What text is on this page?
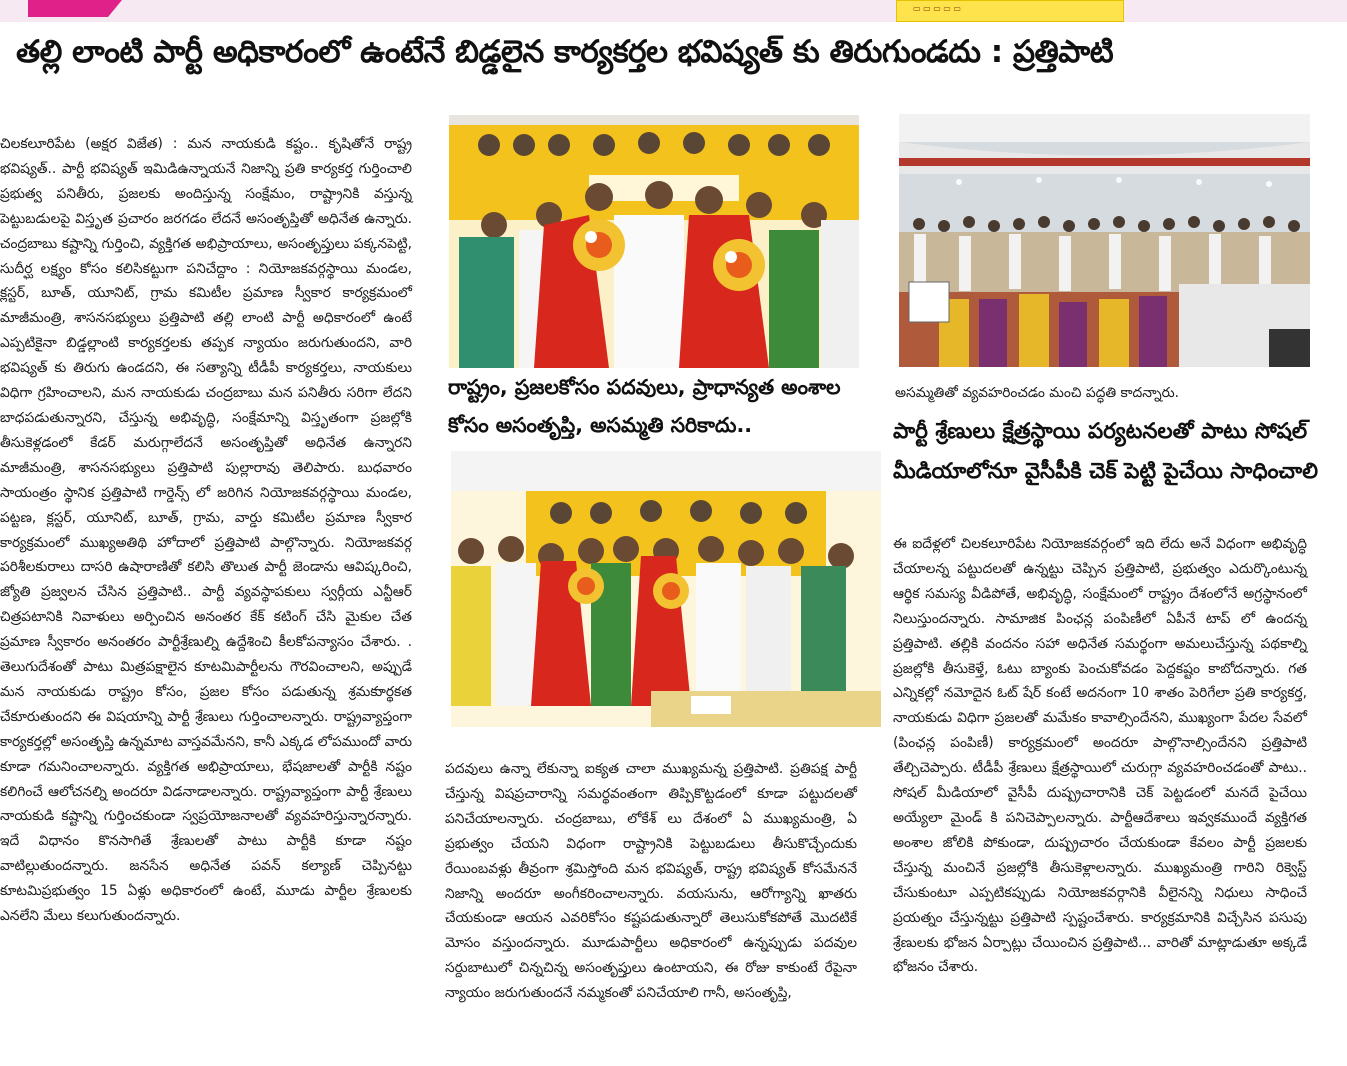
▭ ▭ ▭ ▭ ▭
తల్లి లాంటి పార్టీ అధికారంలో ఉంటేనే బిడ్డలైన కార్యకర్తల భవిష్యత్ కు తిరుగుండదు : ప్రత్తిపాటి

చిలకలూరిపేట (అక్షర విజేత) : మన నాయకుడి కష్టం.. కృషితోనే రాష్ట్ర భవిష్యత్.. పార్టీ భవిష్యత్ ఇమిడిఉన్నాయనే నిజాన్ని ప్రతి కార్యకర్త గుర్తించాలి ప్రభుత్వ పనితీరు, ప్రజలకు అందిస్తున్న సంక్షేమం, రాష్ట్రానికి వస్తున్న పెట్టుబడులపై విస్తృత ప్రచారం జరగడం లేదనే అసంతృప్తితో అధినేత ఉన్నారు. చంద్రబాబు కష్టాన్ని గుర్తించి, వ్యక్తిగత అభిప్రాయాలు, అసంతృప్తులు పక్కనపెట్టి, సుదీర్ఘ లక్ష్యం కోసం కలిసికట్టుగా పనిచేద్దాం : నియోజకవర్గస్థాయి మండల, క్లస్టర్, బూత్, యూనిట్, గ్రామ కమిటీల ప్రమాణ స్వీకార కార్యక్రమంలో మాజీమంత్రి, శాసనసభ్యులు ప్రత్తిపాటి తల్లి లాంటి పార్టీ అధికారంలో ఉంటే ఎప్పటికైనా బిడ్డల్లాంటి కార్యకర్తలకు తప్పక న్యాయం జరుగుతుందని, వారి భవిష్యత్ కు తిరుగు ఉండదని, ఈ సత్యాన్ని టీడీపీ కార్యకర్తలు, నాయకులు విధిగా గ్రహించాలని, మన నాయకుడు చంద్రబాబు మన పనితీరు సరిగా లేదని బాధపడుతున్నారని, చేస్తున్న అభివృద్ధి, సంక్షేమాన్ని విస్తృతంగా ప్రజల్లోకి తీసుకెళ్లడంలో కేడర్ మరుగ్గాలేదనే అసంతృప్తితో అధినేత ఉన్నారని మాజీమంత్రి, శాసనసభ్యులు ప్రత్తిపాటి పుల్లారావు తెలిపారు. బుధవారం సాయంత్రం స్థానిక ప్రత్తిపాటి గార్డెన్స్ లో జరిగిన నియోజకవర్గస్థాయి మండల, పట్టణ, క్లస్టర్, యూనిట్, బూత్, గ్రామ, వార్డు కమిటీల ప్రమాణ స్వీకార కార్యక్రమంలో ముఖ్యఅతిథి హోదాలో ప్రత్తిపాటి పాల్గొన్నారు. నియోజకవర్గ పరిశీలకురాలు దాసరి ఉషారాణితో కలిసి తొలుత పార్టీ జెండాను ఆవిష్కరించి, జ్యోతి ప్రజ్వలన చేసిన ప్రత్తిపాటి.. పార్టీ వ్యవస్థాపకులు స్వర్గీయ ఎన్టీఆర్ చిత్రపటానికి నివాళులు అర్పించిన అనంతర కేక్ కటింగ్ చేసి మైకుల చేత ప్రమాణ స్వీకారం అనంతరం పార్టీశ్రేణుల్ని ఉద్దేశించి కీలకోపన్యాసం చేశారు. . తెలుగుదేశంతో పాటు మిత్రపక్షాలైన కూటమిపార్టీలను గౌరవించాలని, అప్పుడే మన నాయకుడు రాష్ట్రం కోసం, ప్రజల కోసం పడుతున్న శ్రమకుార్థకత చేకూరుతుందని ఈ విషయాన్ని పార్టీ శ్రేణులు గుర్తించాలన్నారు. రాష్ట్రవ్యాప్తంగా కార్యకర్తల్లో అసంతృప్తి ఉన్నమాట వాస్తవమేనని, కానీ ఎక్కడ లోపముందో వారు కూడా గమనించాలన్నారు. వ్యక్తిగత అభిప్రాయాలు, భేషజాలతో పార్టీకి నష్టం కలిగించే ఆలోచనల్ని అందరూ విడనాడాలన్నారు. రాష్ట్రవ్యాప్తంగా పార్టీ శ్రేణులు నాయకుడి కష్టాన్ని గుర్తించకుండా స్వప్రయోజనాలతో వ్యవహరిస్తున్నారన్నారు. ఇదే విధానం కొనసాగితే శ్రేణులతో పాటు పార్టీకి కూడా నష్టం వాటిల్లుతుందన్నారు. జనసేన అధినేత పవన్ కల్యాణ్ చెప్పినట్టు కూటమిప్రభుత్వం 15 ఏళ్లు అధికారంలో ఉంటే, మూడు పార్టీల శ్రేణులకు ఎనలేని మేలు కలుగుతుందన్నారు.

రాష్ట్రం, ప్రజలకోసం పదవులు, ప్రాధాన్యత అంశాల కోసం అసంతృప్తి, అసమ్మతి సరికాదు..

పదవులు ఉన్నా లేకున్నా ఐక్యత చాలా ముఖ్యమన్న ప్రత్తిపాటి. ప్రతిపక్ష పార్టీ చేస్తున్న విషప్రచారాన్ని సమర్థవంతంగా తిప్పికొట్టడంలో కూడా పట్టుదలతో పనిచేయాలన్నారు. చంద్రబాబు, లోకేశ్ లు దేశంలో ఏ ముఖ్యమంత్రి, ఏ ప్రభుత్వం చేయని విధంగా రాష్ట్రానికి పెట్టుబడులు తీసుకొచ్చేందుకు రేయింబవళ్లు తీవ్రంగా శ్రమిస్తోంది మన భవిష్యత్, రాష్ట్ర భవిష్యత్ కోసమేననే నిజాన్ని అందరూ అంగీకరించాలన్నారు. వయసును, ఆరోగ్యాన్ని ఖాతరు చేయకుండా ఆయన ఎవరికోసం కష్టపడుతున్నారో తెలుసుకోకపోతే మొదటికే మోసం వస్తుందన్నారు. మూడుపార్టీలు అధికారంలో ఉన్నప్పుడు పదవుల సర్దుబాటులో చిన్నచిన్న అసంతృప్తులు ఉంటాయని, ఈ రోజు కాకుంటే రేపైనా న్యాయం జరుగుతుందనే నమ్మకంతో పనిచేయాలి గానీ, అసంతృప్తి,

అసమ్మతితో వ్యవహరించడం మంచి పద్ధతి కాదన్నారు.

పార్టీ శ్రేణులు క్షేత్రస్థాయి పర్యటనలతో పాటు సోషల్ మీడియాలోనూ వైసీపీకి చెక్ పెట్టి పైచేయి సాధించాలి

ఈ ఐదేళ్లలో చిలకలూరిపేట నియోజకవర్గంలో ఇది లేదు అనే విధంగా అభివృద్ధి చేయాలన్న పట్టుదలతో ఉన్నట్టు చెప్పిన ప్రత్తిపాటి, ప్రభుత్వం ఎదుర్కొంటున్న ఆర్థిక సమస్య వీడిపోతే, అభివృద్ధి, సంక్షేమంలో రాష్ట్రం దేశంలోనే అగ్రస్థానంలో నిలుస్తుందన్నారు. సామాజిక పింఛన్ల పంపిణీలో ఏపీనే టాప్ లో ఉందన్న ప్రత్తిపాటి. తల్లికి వందనం సహా అధినేత సమర్థంగా అమలుచేస్తున్న పథకాల్ని ప్రజల్లోకి తీసుకెళ్తే, ఓటు బ్యాంకు పెంచుకోవడం పెద్దకష్టం కాబోదన్నారు. గత ఎన్నికల్లో నమోదైన ఓట్ షేర్ కంటే అదనంగా 10 శాతం పెరిగేలా ప్రతి కార్యకర్త, నాయకుడు విధిగా ప్రజలతో మమేకం కావాల్సిందేనని, ముఖ్యంగా పేదల సేవలో (పింఛన్ల పంపిణీ) కార్యక్రమంలో అందరూ పాల్గొనాల్సిందేనని ప్రత్తిపాటి తేల్చిచెప్పారు. టీడీపీ శ్రేణులు క్షేత్రస్థాయిలో చురుగ్గా వ్యవహరించడంతో పాటు.. సోషల్ మీడియాలో వైసీపీ దుష్ప్రచారానికి చెక్ పెట్టడంలో మనదే పైచేయి అయ్యేలా మైండ్ కి పనిచెప్పాలన్నారు. పార్టీఆదేశాలు ఇవ్వకముందే వ్యక్తిగత అంశాల జోలికి పోకుండా, దుష్ప్రచారం చేయకుండా కేవలం పార్టీ ప్రజలకు చేస్తున్న మంచినే ప్రజల్లోకి తీసుకెళ్లాలన్నారు. ముఖ్యమంత్రి గారిని రిక్వెస్ట్ చేసుకుంటూ ఎప్పటికప్పుడు నియోజకవర్గానికి వీలైనన్ని నిధులు సాధించే ప్రయత్నం చేస్తున్నట్టు ప్రత్తిపాటి స్పష్టంచేశారు. కార్యక్రమానికి విచ్చేసిన పసుపు శ్రేణులకు భోజన ఏర్పాట్లు చేయించిన ప్రత్తిపాటి... వారితో మాట్లాడుతూ అక్కడే భోజనం చేశారు.
